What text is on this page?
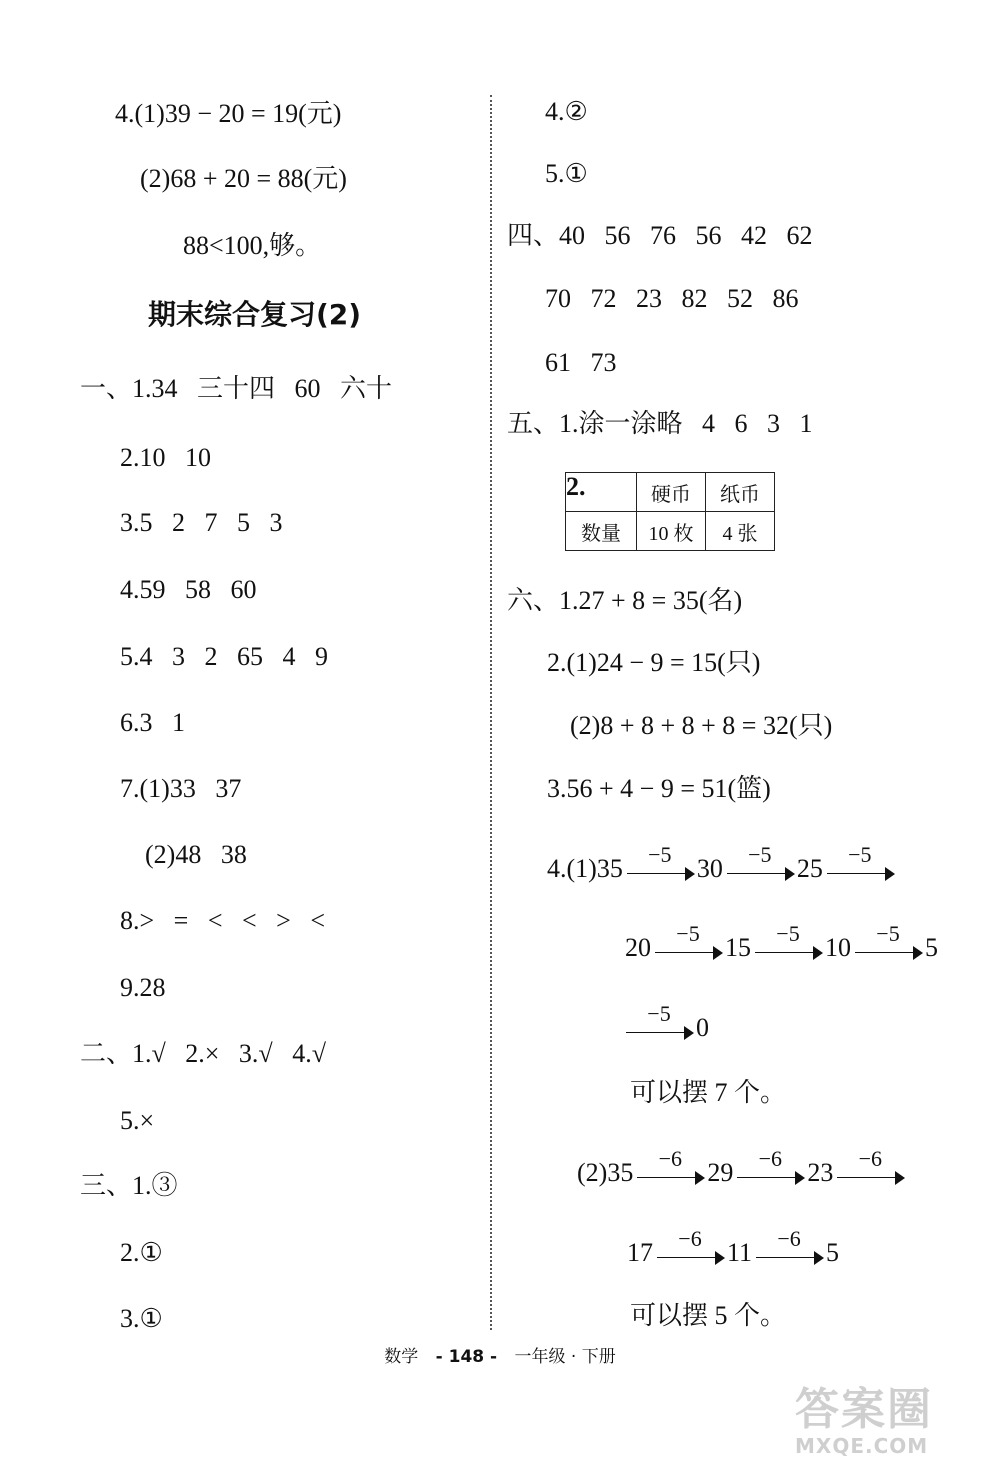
4.(1)39 − 20 = 19(元)
(2)68 + 20 = 88(元)
88<100,够。
期末综合复习(2)
一、1.34   三十四   60   六十
2.10   10
3.5   2   7   5   3
4.59   58   60
5.4   3   2   65   4   9
6.3   1
7.(1)33   37
(2)48   38
8.>   =   <   <   >   <
9.28
二、1.√   2.×   3.√   4.√
5.×
三、1.③
2.①
3.①
4.②
5.①
四、40   56   76   56   42   62
70   72   23   82   52   86
61   73
五、1.涂一涂略   4   6   3   1
2.	硬币	纸币
数量	10 枚	4 张
六、1.27 + 8 = 35(名)
2.(1)24 − 9 = 15(只)
(2)8 + 8 + 8 + 8 = 32(只)
3.56 + 4 − 9 = 51(篮)
4.(1)35	−5 30	−5 25	−5
20	−5 15	−5 10	−5 5
−5 0
可以摆 7 个。
(2)35	−6 29	−6 23	−6
17	−6 11	−6 5
可以摆 5 个。
数学 - 148 - 一年级 · 下册
答案圈
MXQE.COM
